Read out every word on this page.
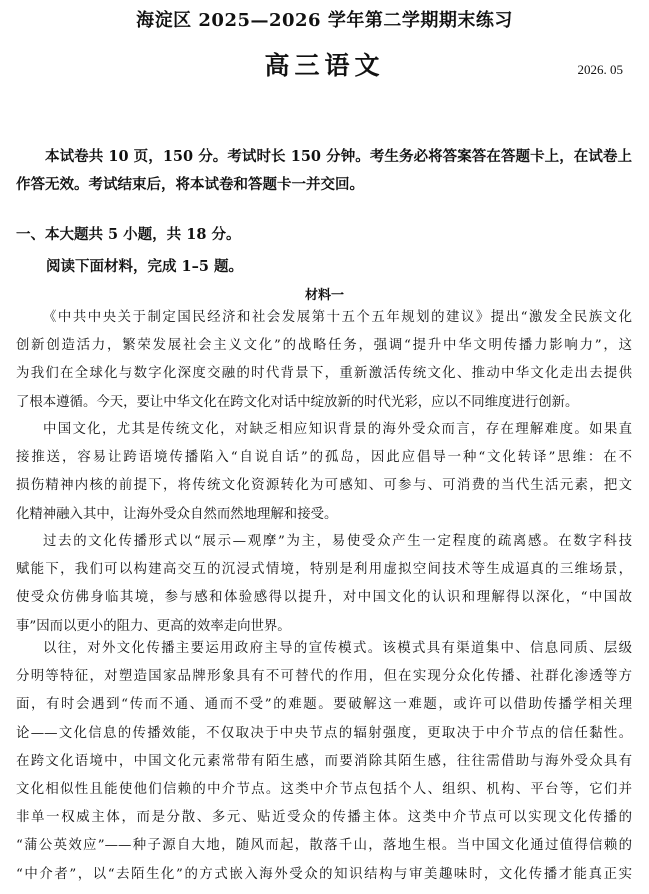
海淀区 2025—2026 学年第二学期期末练习
高三语文	2026. 05
本试卷共 10 页，150 分。考试时长 150 分钟。考生务必将答案答在答题卡上，在试卷上作答无效。考试结束后，将本试卷和答题卡一并交回。
一、本大题共 5 小题，共 18 分。
阅读下面材料，完成 1–5 题。
材料一
《中共中央关于制定国民经济和社会发展第十五个五年规划的建议》提出“激发全民族文化
创新创造活力，繁荣发展社会主义文化”的战略任务，强调“提升中华文明传播力影响力”，这
为我们在全球化与数字化深度交融的时代背景下，重新激活传统文化、推动中华文化走出去提供
了根本遵循。今天，要让中华文化在跨文化对话中绽放新的时代光彩，应以不同维度进行创新。
中国文化，尤其是传统文化，对缺乏相应知识背景的海外受众而言，存在理解难度。如果直
接推送，容易让跨语境传播陷入“自说自话”的孤岛，因此应倡导一种“文化转译”思维：在不
损伤精神内核的前提下，将传统文化资源转化为可感知、可参与、可消费的当代生活元素，把文
化精神融入其中，让海外受众自然而然地理解和接受。
过去的文化传播形式以“展示—观摩”为主，易使受众产生一定程度的疏离感。在数字科技
赋能下，我们可以构建高交互的沉浸式情境，特别是利用虚拟空间技术等生成逼真的三维场景，
使受众仿佛身临其境，参与感和体验感得以提升，对中国文化的认识和理解得以深化，“中国故
事”因而以更小的阻力、更高的效率走向世界。
以往，对外文化传播主要运用政府主导的宣传模式。该模式具有渠道集中、信息同质、层级
分明等特征，对塑造国家品牌形象具有不可替代的作用，但在实现分众化传播、社群化渗透等方
面，有时会遇到“传而不通、通而不受”的难题。要破解这一难题，或许可以借助传播学相关理
论——文化信息的传播效能，不仅取决于中央节点的辐射强度，更取决于中介节点的信任黏性。
在跨文化语境中，中国文化元素常带有陌生感，而要消除其陌生感，往往需借助与海外受众具有
文化相似性且能使他们信赖的中介节点。这类中介节点包括个人、组织、机构、平台等，它们并
非单一权威主体，而是分散、多元、贴近受众的传播主体。这类中介节点可以实现文化传播的
“蒲公英效应”——种子源自大地，随风而起，散落千山，落地生根。当中国文化通过值得信赖的
“中介者”，以“去陌生化”的方式嵌入海外受众的知识结构与审美趣味时，文化传播才能真正实
